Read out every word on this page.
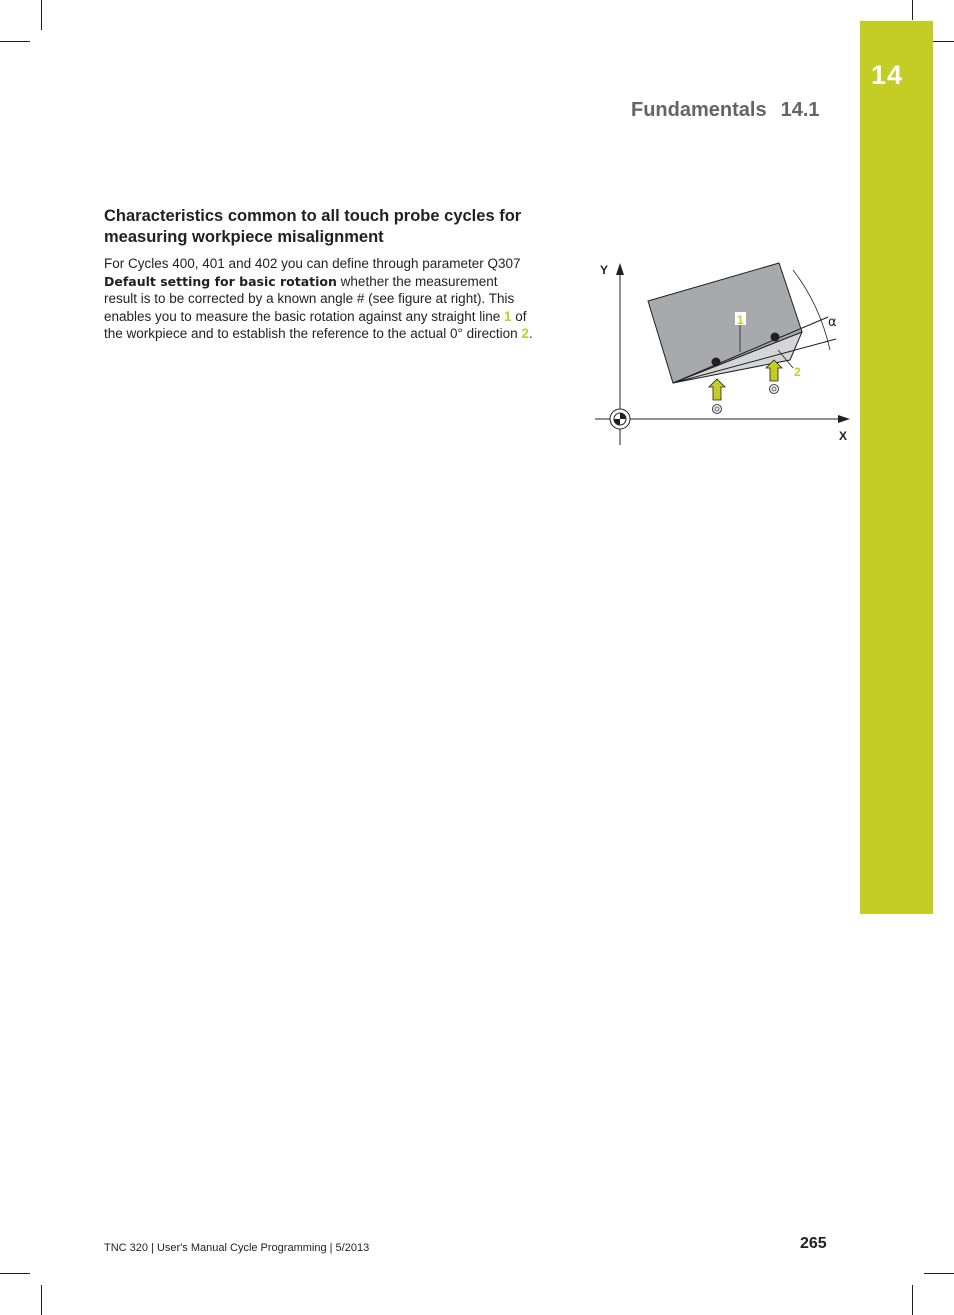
14
Fundamentals 14.1
Characteristics common to all touch probe cycles for measuring workpiece misalignment

For Cycles 400, 401 and 402 you can define through parameter Q307 Default setting for basic rotation whether the measurement result is to be corrected by a known angle # (see figure at right). This enables you to measure the basic rotation against any straight line 1 of the workpiece and to establish the reference to the actual 0° direction 2.

Y
X
1
2
α
TNC 320 | User's Manual Cycle Programming | 5/2013	265
